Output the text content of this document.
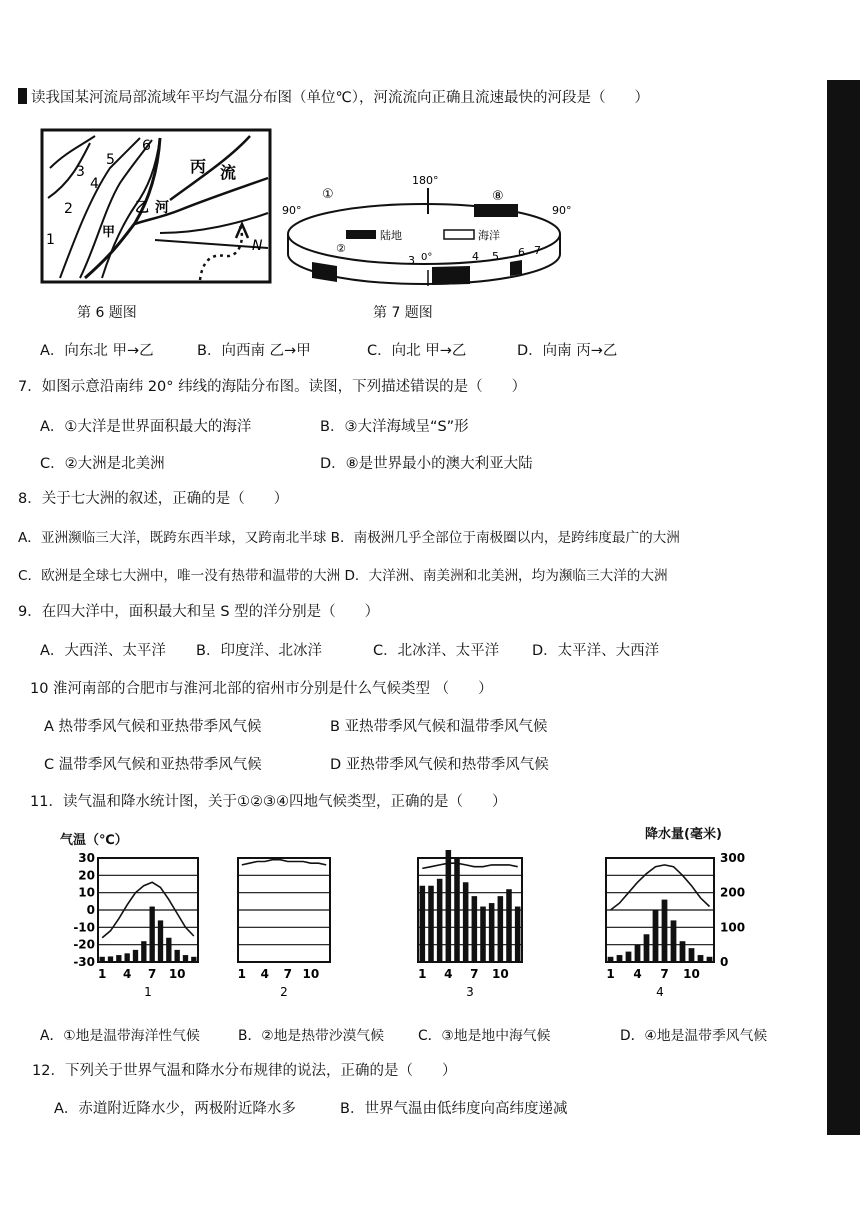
读我国某河流局部流域年平均气温分布图（单位℃），河流流向正确且流速最快的河段是（　　）
丙 流
乙 河
甲
1
2
3
4
5
6
N
180°
90°	90°
①	⑧
陆地	海洋
②
3 0°	4 5 6 7
第 6 题图	第 7 题图
A．向东北 甲→乙	B．向西南 乙→甲	C．向北 甲→乙	D．向南 丙→乙
7．如图示意沿南纬 20° 纬线的海陆分布图。读图，下列描述错误的是（　　）
A．①大洋是世界面积最大的海洋	B．③大洋海域呈“S”形
C．②大洲是北美洲	D．⑧是世界最小的澳大利亚大陆
8．关于七大洲的叙述，正确的是（　　）
A．亚洲濒临三大洋，既跨东西半球，又跨南北半球 B．南极洲几乎全部位于南极圈以内，是跨纬度最广的大洲
C．欧洲是全球七大洲中，唯一没有热带和温带的大洲 D．大洋洲、南美洲和北美洲，均为濒临三大洋的大洲
9．在四大洋中，面积最大和呈 S 型的洋分别是（　　）
A．大西洋、太平洋 B．印度洋、北冰洋	C．北冰洋、太平洋 D．太平洋、大西洋
10 淮河南部的合肥市与淮河北部的宿州市分别是什么气候类型 （　　）
A 热带季风气候和亚热带季风气候	B 亚热带季风气候和温带季风气候
C 温带季风气候和亚热带季风气候	D 亚热带季风气候和热带季风气候
11．读气温和降水统计图，关于①②③④四地气候类型，正确的是（　　）
气温（℃）	降水量(毫米)
30
20
10
0
-10
-20
-30
1 4 7 10
1
1 4 7 10
2
1 4 7 10
3
300
200
100
0
1 4 7 10
4
A．①地是温带海洋性气候	B．②地是热带沙漠气候 C．③地是地中海气候	D．④地是温带季风气候
12．下列关于世界气温和降水分布规律的说法，正确的是（　　）
A．赤道附近降水少，两极附近降水多	B．世界气温由低纬度向高纬度递减
